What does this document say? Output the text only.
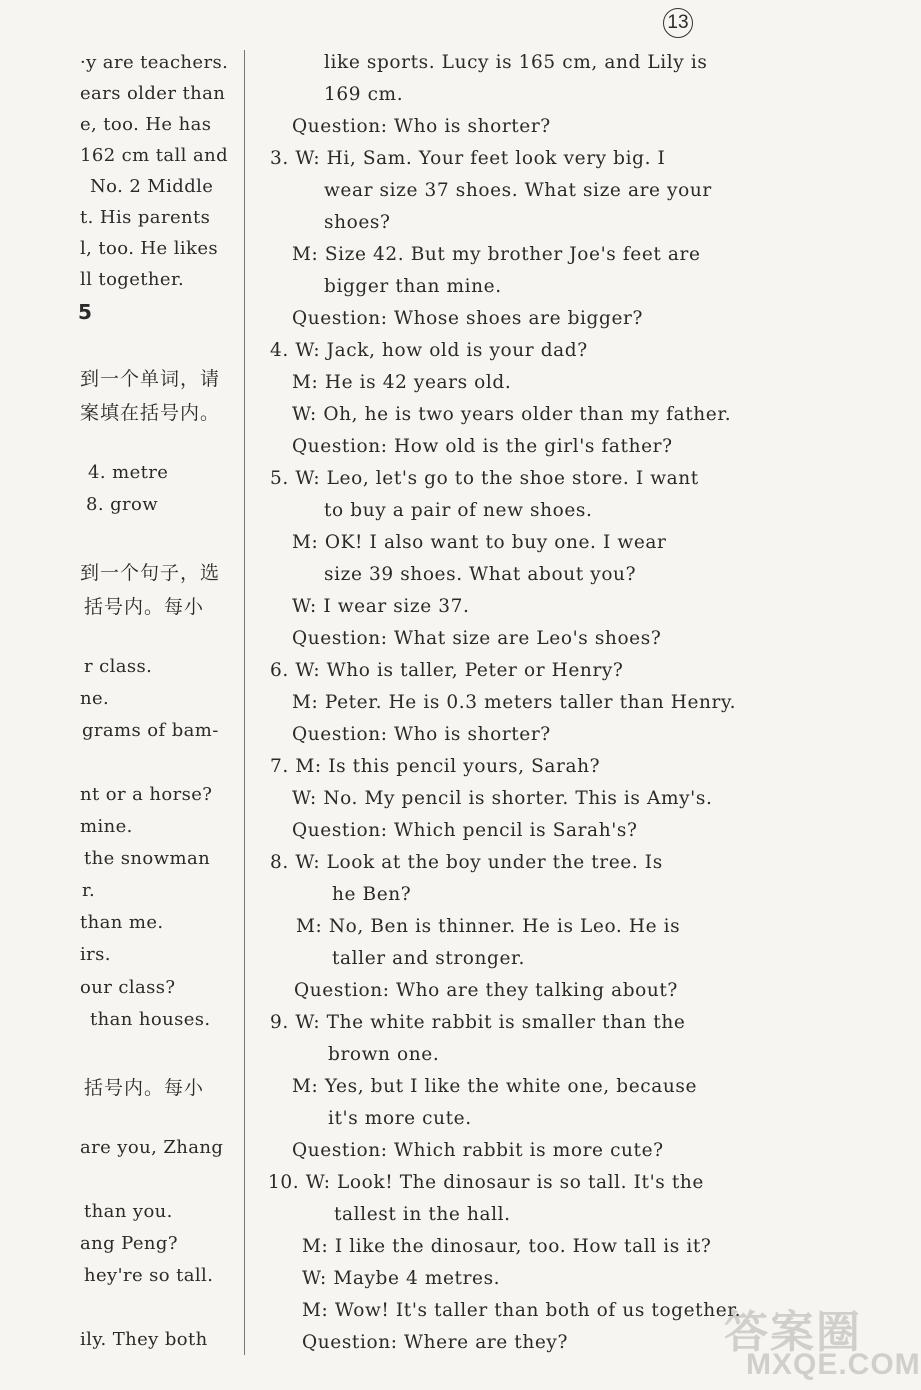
13
·y are teachers.
ears older than
e, too. He has
162 cm tall and
No. 2 Middle
t. His parents
l, too. He likes
ll together.
5
到一个单词，请
案填在括号内。
4. metre
8. grow
到一个句子，选
括号内。每小
r class.
ne.
grams of bam-
nt or a horse?
mine.
the snowman
r.
than me.
irs.
our class?
than houses.
括号内。每小
are you, Zhang
than you.
ang Peng?
hey're so tall.
ily. They both
like sports. Lucy is 165 cm, and Lily is
169 cm.
Question: Who is shorter?
3. W: Hi, Sam. Your feet look very big. I
wear size 37 shoes. What size are your
shoes?
M: Size 42. But my brother Joe's feet are
bigger than mine.
Question: Whose shoes are bigger?
4. W: Jack, how old is your dad?
M: He is 42 years old.
W: Oh, he is two years older than my father.
Question: How old is the girl's father?
5. W: Leo, let's go to the shoe store. I want
to buy a pair of new shoes.
M: OK! I also want to buy one. I wear
size 39 shoes. What about you?
W: I wear size 37.
Question: What size are Leo's shoes?
6. W: Who is taller, Peter or Henry?
M: Peter. He is 0.3 meters taller than Henry.
Question: Who is shorter?
7. M: Is this pencil yours, Sarah?
W: No. My pencil is shorter. This is Amy's.
Question: Which pencil is Sarah's?
8. W: Look at the boy under the tree. Is
he Ben?
M: No, Ben is thinner. He is Leo. He is
taller and stronger.
Question: Who are they talking about?
9. W: The white rabbit is smaller than the
brown one.
M: Yes, but I like the white one, because
it's more cute.
Question: Which rabbit is more cute?
10. W: Look! The dinosaur is so tall. It's the
tallest in the hall.
M: I like the dinosaur, too. How tall is it?
W: Maybe 4 metres.
M: Wow! It's taller than both of us together.
Question: Where are they?	答案圈
MXQE.COM
